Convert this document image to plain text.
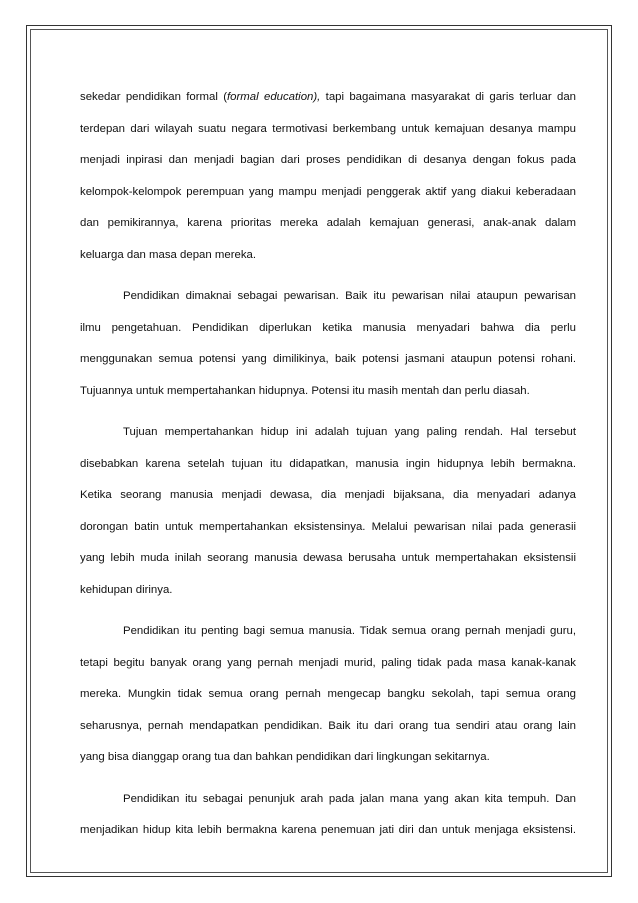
sekedar pendidikan formal (formal education), tapi bagaimana masyarakat di garis terluar dan
terdepan dari wilayah suatu negara termotivasi berkembang untuk kemajuan desanya mampu
menjadi inpirasi dan menjadi bagian dari proses pendidikan di desanya dengan fokus pada
kelompok-kelompok perempuan yang mampu menjadi penggerak aktif yang diakui keberadaan
dan pemikirannya, karena prioritas mereka adalah kemajuan generasi, anak-anak dalam
keluarga dan masa depan mereka.
Pendidikan dimaknai sebagai pewarisan. Baik itu pewarisan nilai ataupun pewarisan
ilmu pengetahuan. Pendidikan diperlukan ketika manusia menyadari bahwa dia perlu
menggunakan semua potensi yang dimilikinya, baik potensi jasmani ataupun potensi rohani.
Tujuannya untuk mempertahankan hidupnya. Potensi itu masih mentah dan perlu diasah.
Tujuan mempertahankan hidup ini adalah tujuan yang paling rendah. Hal tersebut
disebabkan karena setelah tujuan itu didapatkan, manusia ingin hidupnya lebih bermakna.
Ketika seorang manusia menjadi dewasa, dia menjadi bijaksana, dia menyadari adanya
dorongan batin untuk mempertahankan eksistensinya. Melalui pewarisan nilai pada generasii
yang lebih muda inilah seorang manusia dewasa berusaha untuk mempertahakan eksistensii
kehidupan dirinya.
Pendidikan itu penting bagi semua manusia. Tidak semua orang pernah menjadi guru,
tetapi begitu banyak orang yang pernah menjadi murid, paling tidak pada masa kanak-kanak
mereka. Mungkin tidak semua orang pernah mengecap bangku sekolah, tapi semua orang
seharusnya, pernah mendapatkan pendidikan. Baik itu dari orang tua sendiri atau orang lain
yang bisa dianggap orang tua dan bahkan pendidikan dari lingkungan sekitarnya.
Pendidikan itu sebagai penunjuk arah pada jalan mana yang akan kita tempuh. Dan
menjadikan hidup kita lebih bermakna karena penemuan jati diri dan untuk menjaga eksistensi.
